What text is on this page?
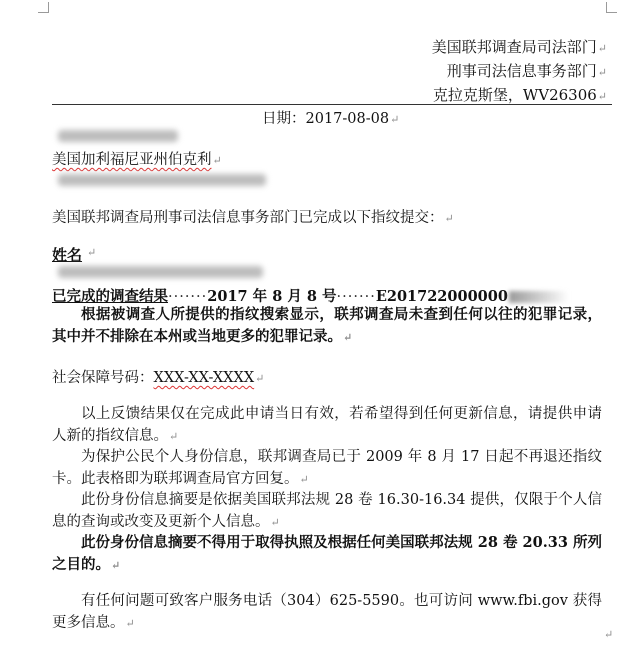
美国联邦调查局司法部门↵
刑事司法信息事务部门↵
克拉克斯堡，WV26306↵
日期：2017-08-08↵
美国加利福尼亚州伯克利↵
美国联邦调查局刑事司法信息事务部门已完成以下指纹提交：↵
姓名 ↵
已完成的调查结果·······2017 年 8 月 8 号·······E201722000000
根据被调查人所提供的指纹搜索显示，联邦调查局未查到任何以往的犯罪记录，其中并不排除在本州或当地更多的犯罪记录。↵
社会保障号码：XXX-XX-XXXX↵
以上反馈结果仅在完成此申请当日有效，若希望得到任何更新信息，请提供申请人新的指纹信息。↵
为保护公民个人身份信息，联邦调查局已于 2009 年 8 月 17 日起不再退还指纹卡。此表格即为联邦调查局官方回复。↵
此份身份信息摘要是依据美国联邦法规 28 卷 16.30-16.34 提供，仅限于个人信息的查询或改变及更新个人信息。↵
此份身份信息摘要不得用于取得执照及根据任何美国联邦法规 28 卷 20.33 所列之目的。↵
有任何问题可致客户服务电话（304）625-5590。也可访问 www.fbi.gov 获得更多信息。↵
↵
